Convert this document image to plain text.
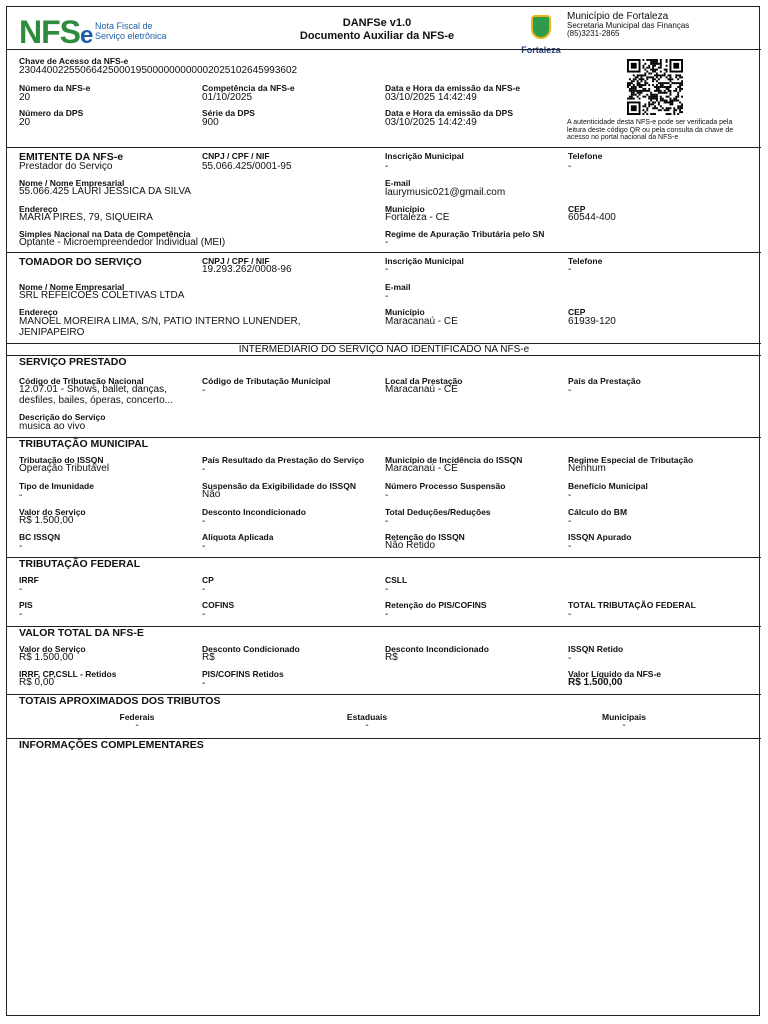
NFSe Nota Fiscal de
Serviço eletrônica
DANFSe v1.0
Documento Auxiliar da NFS-e
Fortaleza
Município de Fortaleza
Secretaria Municipal das Finanças
(85)3231-2865
Chave de Acesso da NFS-e
23044002255066425000195000000000002025102645993602
Número da NFS-e
20
Competência da NFS-e
01/10/2025
Data e Hora da emissão da NFS-e
03/10/2025 14:42:49
Número da DPS
20
Série da DPS
900
Data e Hora da emissão da DPS
03/10/2025 14:42:49	A autenticidade desta NFS-e pode ser verificada pela leitura deste código QR ou pela consulta da chave de acesso no portal nacional da NFS-e
EMITENTE DA NFS-e
Prestador do Serviço
CNPJ / CPF / NIF
55.066.425/0001-95
Inscrição Municipal
-
Telefone
-
Nome / Nome Empresarial
55.066.425 LAURI JESSICA DA SILVA
E-mail
laurymusic021@gmail.com
Endereço
MARIA PIRES, 79, SIQUEIRA
Município
Fortaleza - CE
CEP
60544-400
Simples Nacional na Data de Competência
Optante - Microempreendedor Individual (MEI)
Regime de Apuração Tributária pelo SN
-
TOMADOR DO SERVIÇO	CNPJ / CPF / NIF
19.293.262/0008-96
Inscrição Municipal
-
Telefone
-
Nome / Nome Empresarial
SRL REFEICOES COLETIVAS LTDA
E-mail
-
Endereço
MANOEL MOREIRA LIMA, S/N, PATIO INTERNO LUNENDER,
JENIPAPEIRO
Município
Maracanaú - CE
CEP
61939-120
INTERMEDIÁRIO DO SERVIÇO NÃO IDENTIFICADO NA NFS-e
SERVIÇO PRESTADO
Código de Tributação Nacional
12.07.01 - Shows, ballet, danças,
desfiles, bailes, óperas, concerto...
Código de Tributação Municipal
-
Local da Prestação
Maracanaú - CE
País da Prestação
-
Descrição do Serviço
musica ao vivo
TRIBUTAÇÃO MUNICIPAL
Tributação do ISSQN
Operação Tributável
País Resultado da Prestação do Serviço
-
Município de Incidência do ISSQN
Maracanaú - CE
Regime Especial de Tributação
Nenhum
Tipo de Imunidade
-
Suspensão da Exigibilidade do ISSQN
Não
Número Processo Suspensão
-
Benefício Municipal
-
Valor do Serviço
R$ 1.500,00
Desconto Incondicionado
-
Total Deduções/Reduções
-
Cálculo do BM
-
BC ISSQN
-
Alíquota Aplicada
-
Retenção do ISSQN
Não Retido
ISSQN Apurado
-
TRIBUTAÇÃO FEDERAL
IRRF
-
CP
-
CSLL
-
PIS
-
COFINS
-
Retenção do PIS/COFINS
-
TOTAL TRIBUTAÇÃO FEDERAL
-
VALOR TOTAL DA NFS-E
Valor do Serviço
R$ 1.500,00
Desconto Condicionado
R$
Desconto Incondicionado
R$
ISSQN Retido
-
IRRF, CP,CSLL - Retidos
R$ 0,00
PIS/COFINS Retidos
-
Valor Líquido da NFS-e
R$ 1.500,00
TOTAIS APROXIMADOS DOS TRIBUTOS
Federais
-
Estaduais
-
Municipais
-
INFORMAÇÕES COMPLEMENTARES
